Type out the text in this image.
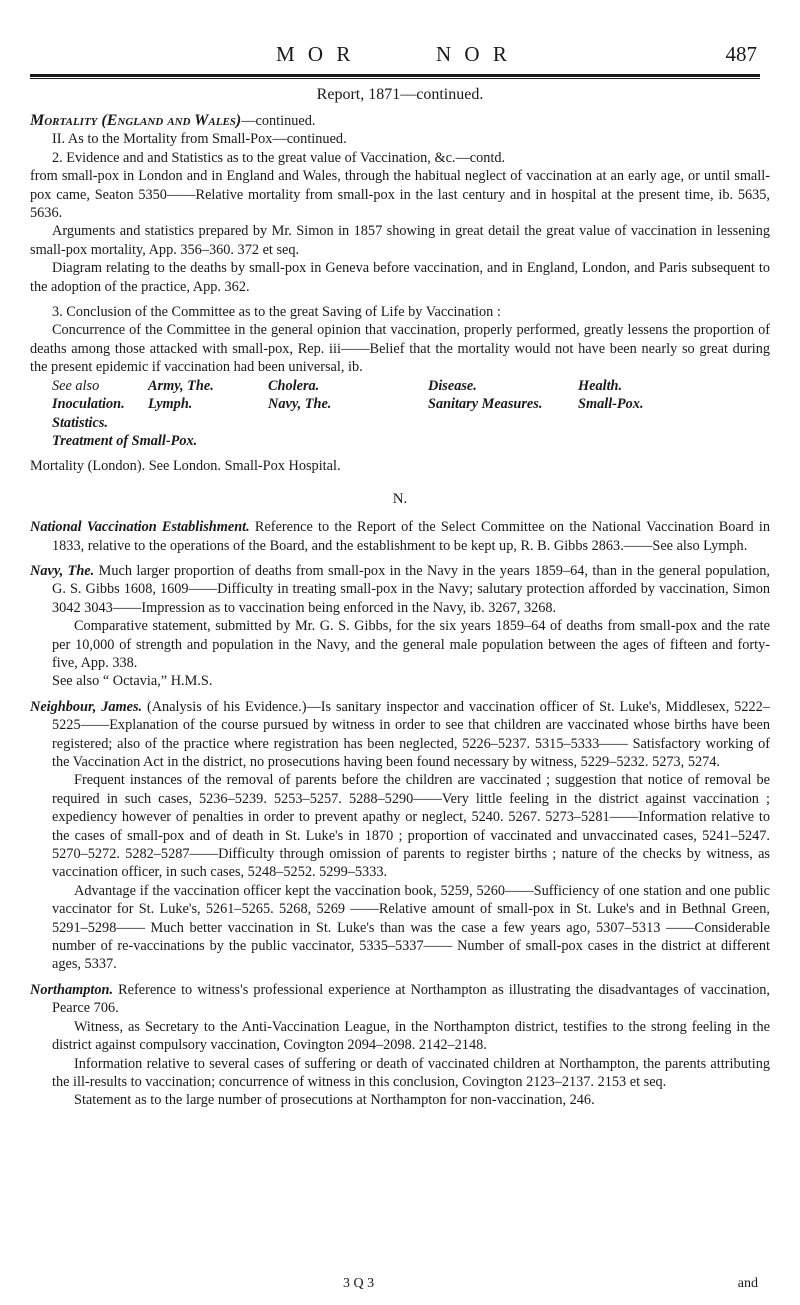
M O R	N O R	487
Report, 1871—continued.

Mortality (England and Wales)—continued.

II. As to the Mortality from Small-Pox—continued.

2. Evidence and and Statistics as to the great value of Vaccination, &c.—contd.

from small-pox in London and in England and Wales, through the habitual neglect of vaccination at an early age, or until small-pox came, Seaton 5350——Relative mortality from small-pox in the last century and in hospital at the present time, ib. 5635, 5636.

Arguments and statistics prepared by Mr. Simon in 1857 showing in great detail the great value of vaccination in lessening small-pox mortality, App. 356–360. 372 et seq.

Diagram relating to the deaths by small-pox in Geneva before vaccination, and in England, London, and Paris subsequent to the adoption of the practice, App. 362.

3. Conclusion of the Committee as to the great Saving of Life by Vaccination :

Concurrence of the Committee in the general opinion that vaccination, properly performed, greatly lessens the proportion of deaths among those attacked with small-pox, Rep. iii——Belief that the mortality would not have been nearly so great during the present epidemic if vaccination had been universal, ib.

See also	Army, The.	Cholera.	Disease.	Health.
Inoculation.	Lymph.	Navy, The.	Sanitary Measures.	Small-Pox.
Statistics.

Treatment of Small-Pox.

Mortality (London). See London. Small-Pox Hospital.

N.

National Vaccination Establishment. Reference to the Report of the Select Committee on the National Vaccination Board in 1833, relative to the operations of the Board, and the establishment to be kept up, R. B. Gibbs 2863.——See also Lymph.

Navy, The. Much larger proportion of deaths from small-pox in the Navy in the years 1859–64, than in the general population, G. S. Gibbs 1608, 1609——Difficulty in treating small-pox in the Navy; salutary protection afforded by vaccination, Simon 3042 3043——Impression as to vaccination being enforced in the Navy, ib. 3267, 3268.

Comparative statement, submitted by Mr. G. S. Gibbs, for the six years 1859–64 of deaths from small-pox and the rate per 10,000 of strength and population in the Navy, and the general male population between the ages of fifteen and forty-five, App. 338.

See also “ Octavia,” H.M.S.

Neighbour, James. (Analysis of his Evidence.)—Is sanitary inspector and vaccination officer of St. Luke's, Middlesex, 5222–5225——Explanation of the course pursued by witness in order to see that children are vaccinated whose births have been registered; also of the practice where registration has been neglected, 5226–5237. 5315–5333—— Satisfactory working of the Vaccination Act in the district, no prosecutions having been found necessary by witness, 5229–5232. 5273, 5274.

Frequent instances of the removal of parents before the children are vaccinated ; suggestion that notice of removal be required in such cases, 5236–5239. 5253–5257. 5288–5290——Very little feeling in the district against vaccination ; expediency however of penalties in order to prevent apathy or neglect, 5240. 5267. 5273–5281——Information relative to the cases of small-pox and of death in St. Luke's in 1870 ; proportion of vaccinated and unvaccinated cases, 5241–5247. 5270–5272. 5282–5287——Difficulty through omission of parents to register births ; nature of the checks by witness, as vaccination officer, in such cases, 5248–5252. 5299–5333.

Advantage if the vaccination officer kept the vaccination book, 5259, 5260——Sufficiency of one station and one public vaccinator for St. Luke's, 5261–5265. 5268, 5269 ——Relative amount of small-pox in St. Luke's and in Bethnal Green, 5291–5298—— Much better vaccination in St. Luke's than was the case a few years ago, 5307–5313 ——Considerable number of re-vaccinations by the public vaccinator, 5335–5337—— Number of small-pox cases in the district at different ages, 5337.

Northampton. Reference to witness's professional experience at Northampton as illustrating the disadvantages of vaccination, Pearce 706.

Witness, as Secretary to the Anti-Vaccination League, in the Northampton district, testifies to the strong feeling in the district against compulsory vaccination, Covington 2094–2098. 2142–2148.

Information relative to several cases of suffering or death of vaccinated children at Northampton, the parents attributing the ill-results to vaccination; concurrence of witness in this conclusion, Covington 2123–2137. 2153 et seq.

Statement as to the large number of prosecutions at Northampton for non-vaccination, 246.

3 Q 3	and
